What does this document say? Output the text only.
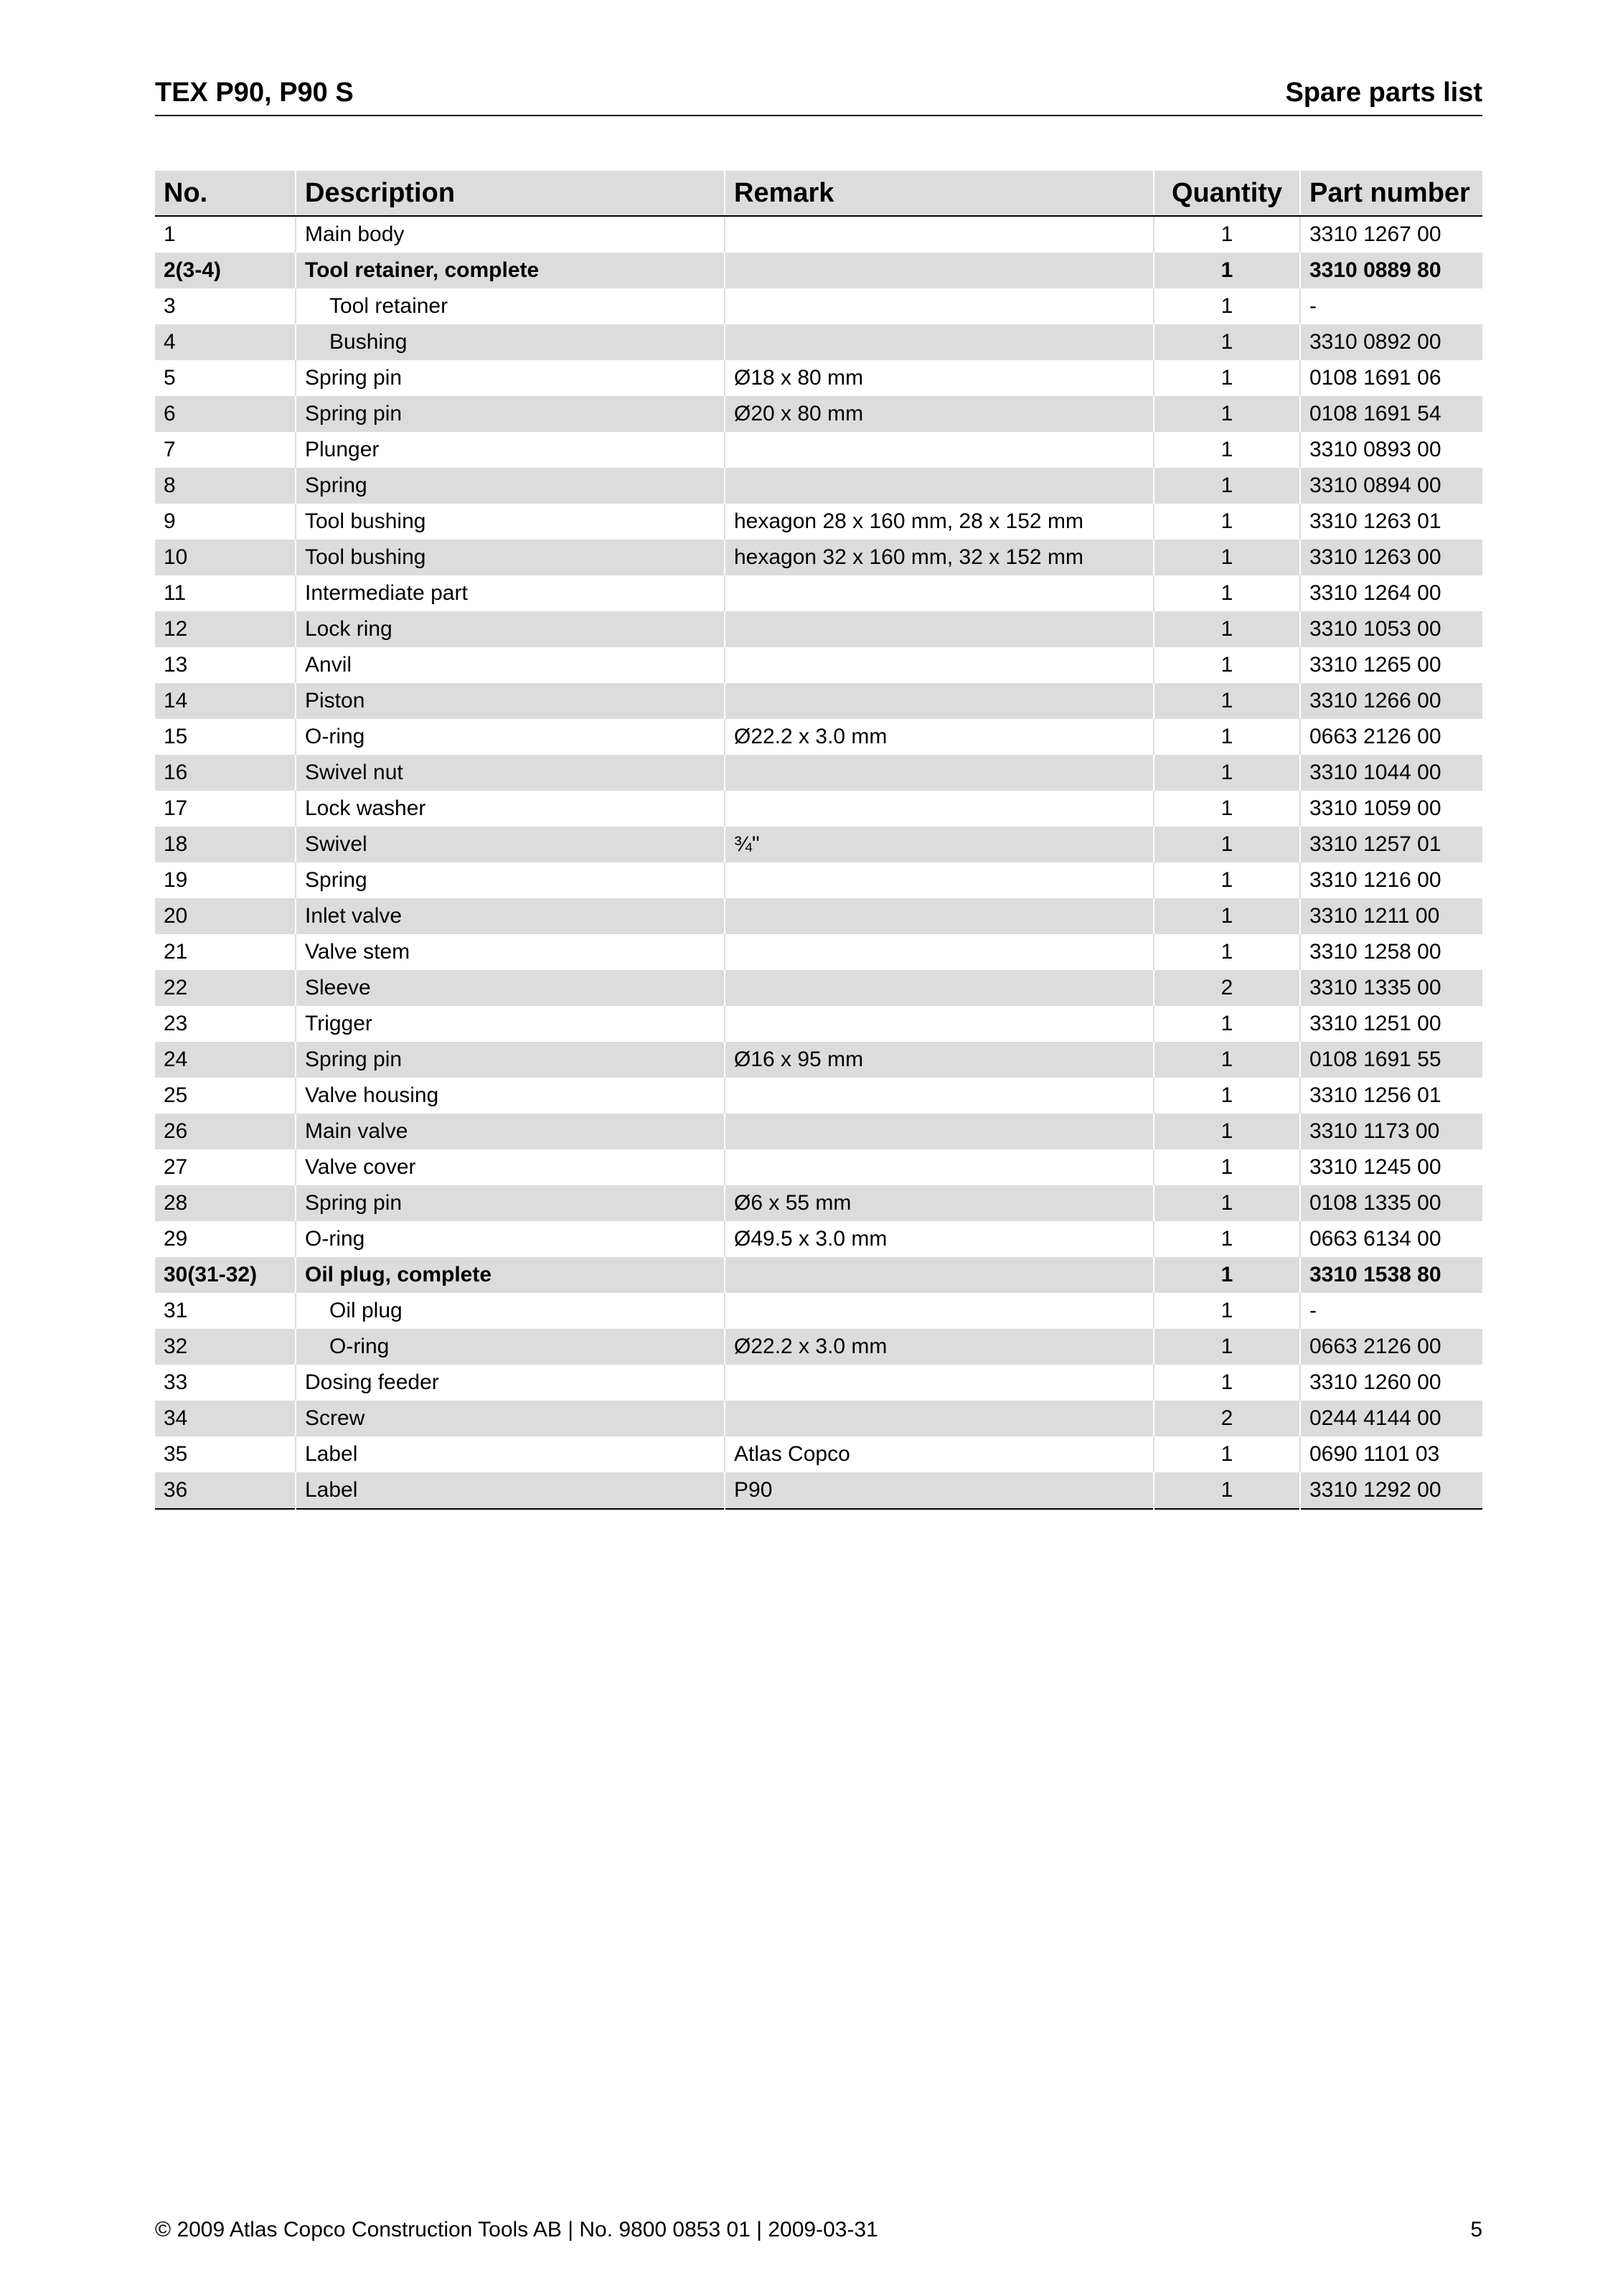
TEX P90, P90 S	Spare parts list
No.	Description	Remark	Quantity	Part number
1	Main body		1	3310 1267 00
2(3-4)	Tool retainer, complete		1	3310 0889 80
3	Tool retainer		1	-
4	Bushing		1	3310 0892 00
5	Spring pin	Ø18 x 80 mm	1	0108 1691 06
6	Spring pin	Ø20 x 80 mm	1	0108 1691 54
7	Plunger		1	3310 0893 00
8	Spring		1	3310 0894 00
9	Tool bushing	hexagon 28 x 160 mm, 28 x 152 mm	1	3310 1263 01
10	Tool bushing	hexagon 32 x 160 mm, 32 x 152 mm	1	3310 1263 00
11	Intermediate part		1	3310 1264 00
12	Lock ring		1	3310 1053 00
13	Anvil		1	3310 1265 00
14	Piston		1	3310 1266 00
15	O-ring	Ø22.2 x 3.0 mm	1	0663 2126 00
16	Swivel nut		1	3310 1044 00
17	Lock washer		1	3310 1059 00
18	Swivel	¾"	1	3310 1257 01
19	Spring		1	3310 1216 00
20	Inlet valve		1	3310 1211 00
21	Valve stem		1	3310 1258 00
22	Sleeve		2	3310 1335 00
23	Trigger		1	3310 1251 00
24	Spring pin	Ø16 x 95 mm	1	0108 1691 55
25	Valve housing		1	3310 1256 01
26	Main valve		1	3310 1173 00
27	Valve cover		1	3310 1245 00
28	Spring pin	Ø6 x 55 mm	1	0108 1335 00
29	O-ring	Ø49.5 x 3.0 mm	1	0663 6134 00
30(31-32)	Oil plug, complete		1	3310 1538 80
31	Oil plug		1	-
32	O-ring	Ø22.2 x 3.0 mm	1	0663 2126 00
33	Dosing feeder		1	3310 1260 00
34	Screw		2	0244 4144 00
35	Label	Atlas Copco	1	0690 1101 03
36	Label	P90	1	3310 1292 00
© 2009 Atlas Copco Construction Tools AB | No. 9800 0853 01 | 2009-03-31	5
